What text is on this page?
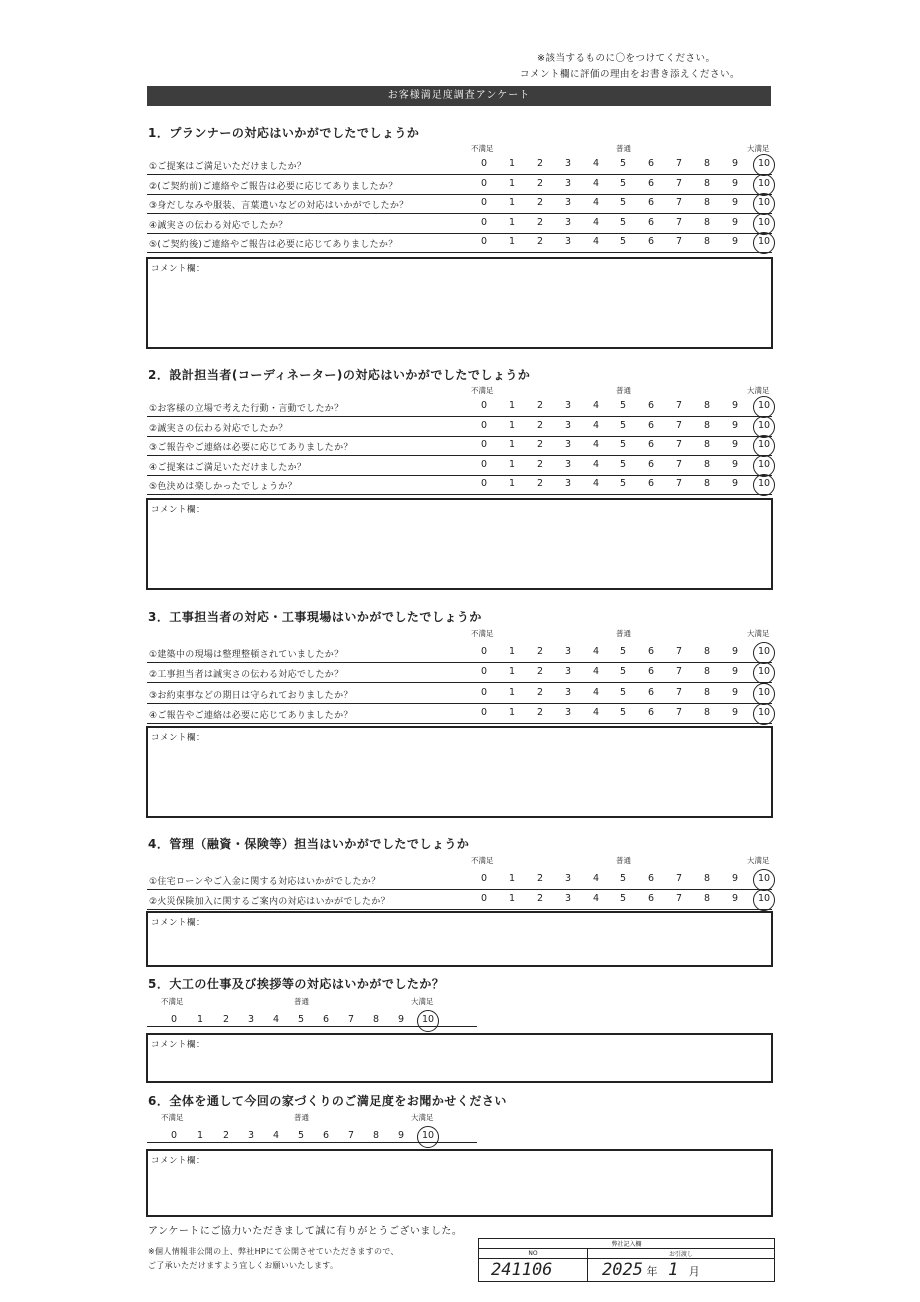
※該当するものに〇をつけてください。
コメント欄に評価の理由をお書き添えください。
お客様満足度調査アンケート
アンケートにご協力いただきまして誠に有りがとうございました。
※個人情報非公開の上、弊社HPにて公開させていただきますので、
ご了承いただけますよう宜しくお願いいたします。
弊社記入欄	
NO	お引渡し
241106	2025 年 1 月
1．プランナーの対応はいかがでしたでしょうか
不満足	普通	大満足
①ご提案はご満足いただけましたか？	0	1	2	3	4	5	6	7	8	9	10
②(ご契約前)ご連絡やご報告は必要に応じてありましたか？	0	1	2	3	4	5	6	7	8	9	10
③身だしなみや服装、言葉遣いなどの対応はいかがでしたか？	0	1	2	3	4	5	6	7	8	9	10
④誠実さの伝わる対応でしたか？	0	1	2	3	4	5	6	7	8	9	10
⑤(ご契約後)ご連絡やご報告は必要に応じてありましたか？	0	1	2	3	4	5	6	7	8	9	10
コメント欄：
2．設計担当者(コーディネーター)の対応はいかがでしたでしょうか
不満足	普通	大満足
①お客様の立場で考えた行動・言動でしたか？	0	1	2	3	4	5	6	7	8	9	10
②誠実さの伝わる対応でしたか？	0	1	2	3	4	5	6	7	8	9	10
③ご報告やご連絡は必要に応じてありましたか？	0	1	2	3	4	5	6	7	8	9	10
④ご提案はご満足いただけましたか？	0	1	2	3	4	5	6	7	8	9	10
⑤色決めは楽しかったでしょうか？	0	1	2	3	4	5	6	7	8	9	10
コメント欄：
3．工事担当者の対応・工事現場はいかがでしたでしょうか
不満足	普通	大満足
①建築中の現場は整理整頓されていましたか？	0	1	2	3	4	5	6	7	8	9	10
②工事担当者は誠実さの伝わる対応でしたか？	0	1	2	3	4	5	6	7	8	9	10
③お約束事などの期日は守られておりましたか？	0	1	2	3	4	5	6	7	8	9	10
④ご報告やご連絡は必要に応じてありましたか？	0	1	2	3	4	5	6	7	8	9	10
コメント欄：
4．管理（融資・保険等）担当はいかがでしたでしょうか
不満足	普通	大満足
①住宅ローンやご入金に関する対応はいかがでしたか？	0	1	2	3	4	5	6	7	8	9	10
②火災保険加入に関するご案内の対応はいかがでしたか？	0	1	2	3	4	5	6	7	8	9	10
コメント欄：
5．大工の仕事及び挨拶等の対応はいかがでしたか？
不満足	普通	大満足
0	1	2	3	4	5	6	7	8	9	10
コメント欄：
6．全体を通して今回の家づくりのご満足度をお聞かせください
不満足	普通	大満足
0	1	2	3	4	5	6	7	8	9	10
コメント欄：
